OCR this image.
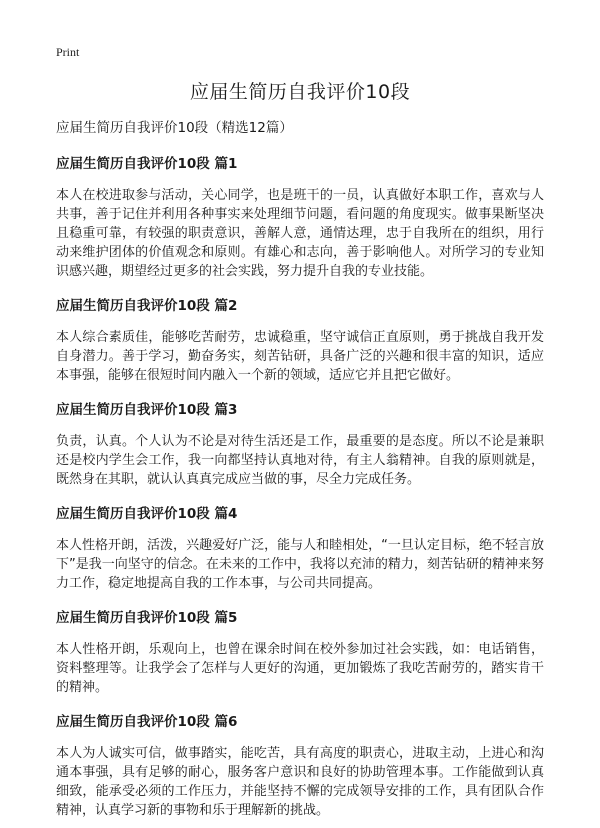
Print
应届生简历自我评价10段

应届生简历自我评价10段（精选12篇）

应届生简历自我评价10段 篇1

本人在校进取参与活动，关心同学，也是班干的一员，认真做好本职工作，喜欢与人共事，善于记住并利用各种事实来处理细节问题，看问题的角度现实。做事果断坚决且稳重可靠，有较强的职责意识，善解人意，通情达理，忠于自我所在的组织，用行动来维护团体的价值观念和原则。有雄心和志向，善于影响他人。对所学习的专业知识感兴趣，期望经过更多的社会实践，努力提升自我的专业技能。

应届生简历自我评价10段 篇2

本人综合素质佳，能够吃苦耐劳，忠诚稳重，坚守诚信正直原则，勇于挑战自我开发自身潜力。善于学习，勤奋务实，刻苦钻研，具备广泛的兴趣和很丰富的知识，适应本事强，能够在很短时间内融入一个新的领域，适应它并且把它做好。

应届生简历自我评价10段 篇3

负责，认真。个人认为不论是对待生活还是工作，最重要的是态度。所以不论是兼职还是校内学生会工作，我一向都坚持认真地对待，有主人翁精神。自我的原则就是，既然身在其职，就认认真真完成应当做的事，尽全力完成任务。

应届生简历自我评价10段 篇4

本人性格开朗，活泼，兴趣爱好广泛，能与人和睦相处，“一旦认定目标，绝不轻言放下”是我一向坚守的信念。在未来的工作中，我将以充沛的精力，刻苦钻研的精神来努力工作，稳定地提高自我的工作本事，与公司共同提高。

应届生简历自我评价10段 篇5

本人性格开朗，乐观向上，也曾在课余时间在校外参加过社会实践，如：电话销售，资料整理等。让我学会了怎样与人更好的沟通，更加锻炼了我吃苦耐劳的，踏实肯干的精神。

应届生简历自我评价10段 篇6

本人为人诚实可信，做事踏实，能吃苦，具有高度的职责心，进取主动，上进心和沟通本事强，具有足够的耐心，服务客户意识和良好的协助管理本事。工作能做到认真细致，能承受必须的工作压力，并能坚持不懈的完成领导安排的工作，具有团队合作精神，认真学习新的事物和乐于理解新的挑战。
